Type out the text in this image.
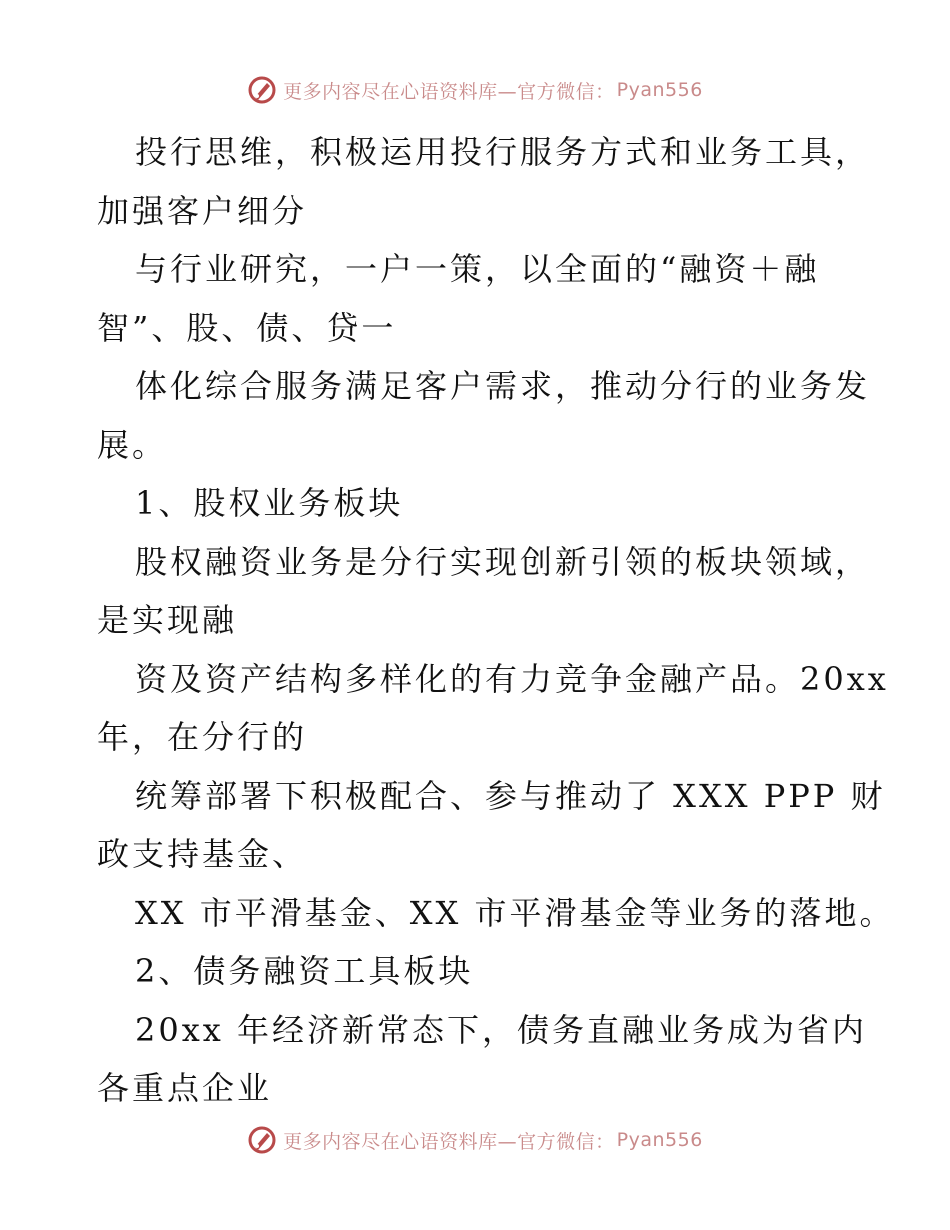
更多内容尽在心语资料库—官方微信： Pyan556
投行思维，积极运用投行服务方式和业务工具，
加强客户细分
与行业研究，一户一策，以全面的“融资＋融
智”、股、债、贷一
体化综合服务满足客户需求，推动分行的业务发
展。
1、股权业务板块
股权融资业务是分行实现创新引领的板块领域，
是实现融
资及资产结构多样化的有力竞争金融产品。20xx
年，在分行的
统筹部署下积极配合、参与推动了 XXX PPP 财
政支持基金、
XX 市平滑基金、XX 市平滑基金等业务的落地。
2、债务融资工具板块
20xx 年经济新常态下，债务直融业务成为省内
各重点企业
更多内容尽在心语资料库—官方微信： Pyan556
